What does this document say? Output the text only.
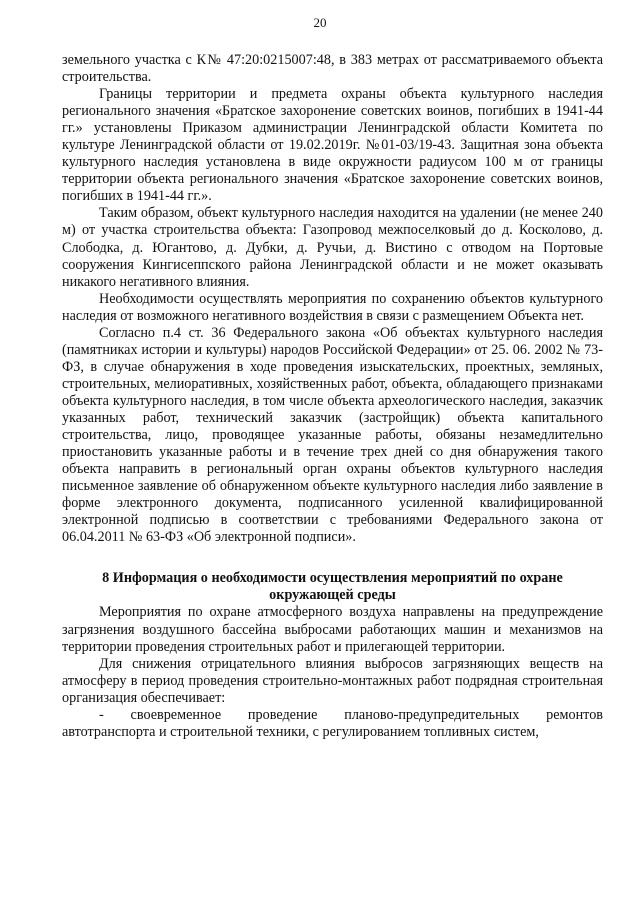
20

земельного участка с К№ 47:20:0215007:48, в 383 метрах от рассматриваемого объекта строительства.

Границы территории и предмета охраны объекта культурного наследия регионального значения «Братское захоронение советских воинов, погибших в 1941-44 гг.» установлены Приказом администрации Ленинградской области Комитета по культуре Ленинградской области от 19.02.2019г. №01-03/19-43. Защитная зона объекта культурного наследия установлена в виде окружности радиусом 100 м от границы территории объекта регионального значения «Братское захоронение советских воинов, погибших в 1941-44 гг.».

Таким образом, объект культурного наследия находится на удалении (не менее 240 м) от участка строительства объекта: Газопровод межпоселковый до д. Косколово, д. Слободка, д. Югантово, д. Дубки, д. Ручьи, д. Вистино с отводом на Портовые сооружения Кингисеппского района Ленинградской области и не может оказывать никакого негативного влияния.

Необходимости осуществлять мероприятия по сохранению объектов культурного наследия от возможного негативного воздействия в связи с размещением Объекта нет.

Согласно п.4 ст. 36 Федерального закона «Об объектах культурного наследия (памятниках истории и культуры) народов Российской Федерации» от 25. 06. 2002 № 73-ФЗ, в случае обнаружения в ходе проведения изыскательских, проектных, земляных, строительных, мелиоративных, хозяйственных работ, объекта, обладающего признаками объекта культурного наследия, в том числе объекта археологического наследия, заказчик указанных работ, технический заказчик (застройщик) объекта капитального строительства, лицо, проводящее указанные работы, обязаны незамедлительно приостановить указанные работы и в течение трех дней со дня обнаружения такого объекта направить в региональный орган охраны объектов культурного наследия письменное заявление об обнаруженном объекте культурного наследия либо заявление в форме электронного документа, подписанного усиленной квалифицированной электронной подписью в соответствии с требованиями Федерального закона от 06.04.2011 № 63-ФЗ «Об электронной подписи».

8 Информация о необходимости осуществления мероприятий по охране окружающей среды

Мероприятия по охране атмосферного воздуха направлены на предупреждение загрязнения воздушного бассейна выбросами работающих машин и механизмов на территории проведения строительных работ и прилегающей территории.

Для снижения отрицательного влияния выбросов загрязняющих веществ на атмосферу в период проведения строительно-монтажных работ подрядная строительная организация обеспечивает:

- своевременное проведение планово-предупредительных ремонтов автотранспорта и строительной техники, с регулированием топливных систем,
